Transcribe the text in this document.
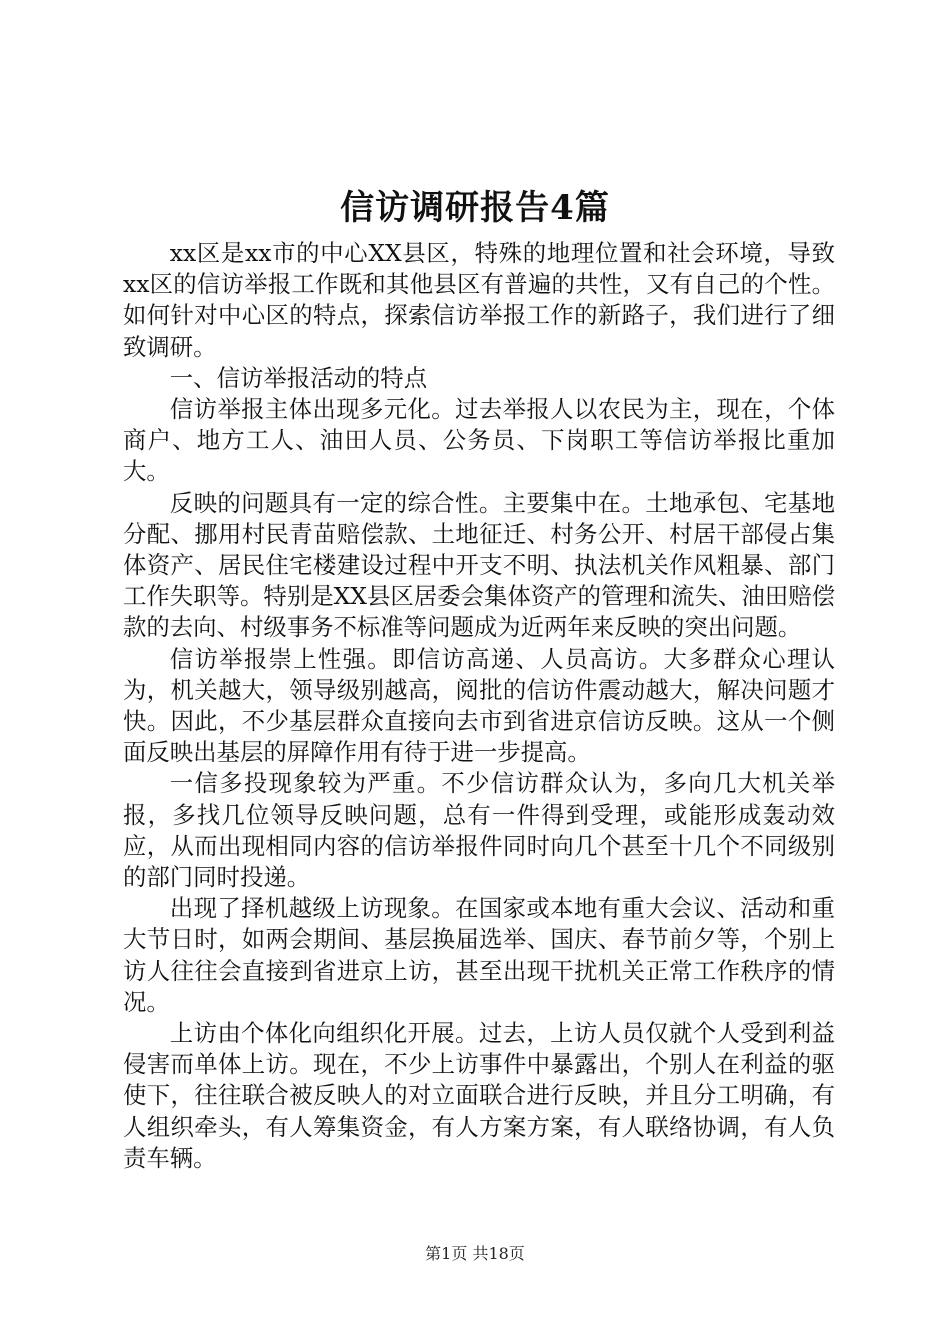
信访调研报告4篇

xx区是xx市的中心XX县区，特殊的地理位置和社会环境，导致xx区的信访举报工作既和其他县区有普遍的共性，又有自己的个性。如何针对中心区的特点，探索信访举报工作的新路子，我们进行了细致调研。

一、信访举报活动的特点

信访举报主体出现多元化。过去举报人以农民为主，现在，个体商户、地方工人、油田人员、公务员、下岗职工等信访举报比重加大。

反映的问题具有一定的综合性。主要集中在。土地承包、宅基地分配、挪用村民青苗赔偿款、土地征迁、村务公开、村居干部侵占集体资产、居民住宅楼建设过程中开支不明、执法机关作风粗暴、部门工作失职等。特别是XX县区居委会集体资产的管理和流失、油田赔偿款的去向、村级事务不标准等问题成为近两年来反映的突出问题。

信访举报崇上性强。即信访高递、人员高访。大多群众心理认为，机关越大，领导级别越高，阅批的信访件震动越大，解决问题才快。因此，不少基层群众直接向去市到省进京信访反映。这从一个侧面反映出基层的屏障作用有待于进一步提高。

一信多投现象较为严重。不少信访群众认为，多向几大机关举报，多找几位领导反映问题，总有一件得到受理，或能形成轰动效应，从而出现相同内容的信访举报件同时向几个甚至十几个不同级别的部门同时投递。

出现了择机越级上访现象。在国家或本地有重大会议、活动和重大节日时，如两会期间、基层换届选举、国庆、春节前夕等，个别上访人往往会直接到省进京上访，甚至出现干扰机关正常工作秩序的情况。

上访由个体化向组织化开展。过去，上访人员仅就个人受到利益侵害而单体上访。现在，不少上访事件中暴露出，个别人在利益的驱使下，往往联合被反映人的对立面联合进行反映，并且分工明确，有人组织牵头，有人筹集资金，有人方案方案，有人联络协调，有人负责车辆。

第1页 共18页
